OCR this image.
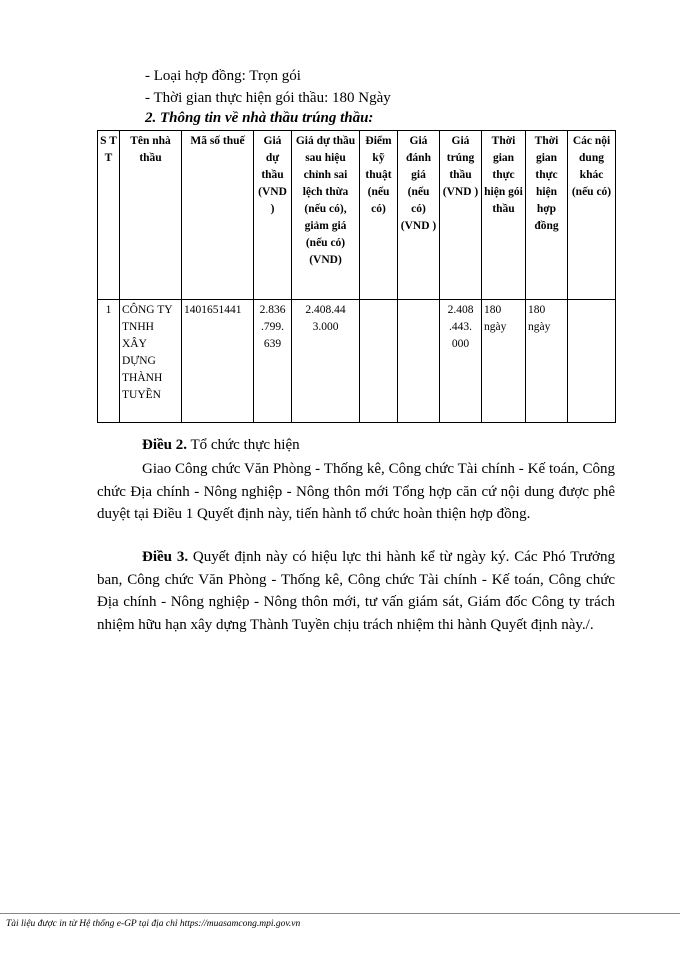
- Loại hợp đồng: Trọn gói
- Thời gian thực hiện gói thầu: 180 Ngày
2. Thông tin về nhà thầu trúng thầu:
S T T	Tên nhà thầu	Mã số thuế	Giá dự thầu (VND )	Giá dự thầu sau hiệu chỉnh sai lệch thừa (nếu có), giảm giá (nếu có) (VND)	Điểm kỹ thuật (nếu có)	Giá đánh giá (nếu có) (VND )	Giá trúng thầu (VND )	Thời gian thực hiện gói thầu	Thời gian thực hiện hợp đồng	Các nội dung khác (nếu có)
1	CÔNG TY TNHH XÂY DỰNG THÀNH TUYỀN	1401651441	2.836 .799. 639	2.408.44 3.000			2.408 .443. 000	180 ngày	180 ngày	
Điều 2. Tổ chức thực hiện
Giao Công chức Văn Phòng - Thống kê, Công chức Tài chính - Kế toán, Công chức Địa chính - Nông nghiệp - Nông thôn mới Tổng hợp căn cứ nội dung được phê duyệt tại Điều 1 Quyết định này, tiến hành tổ chức hoàn thiện hợp đồng.
Điều 3. Quyết định này có hiệu lực thi hành kể từ ngày ký. Các Phó Trưởng ban, Công chức Văn Phòng - Thống kê, Công chức Tài chính - Kế toán, Công chức Địa chính - Nông nghiệp - Nông thôn mới, tư vấn giám sát, Giám đốc Công ty trách nhiệm hữu hạn xây dựng Thành Tuyền chịu trách nhiệm thi hành Quyết định này./.
Tài liệu được in từ Hệ thống e-GP tại địa chỉ https://muasamcong.mpi.gov.vn
